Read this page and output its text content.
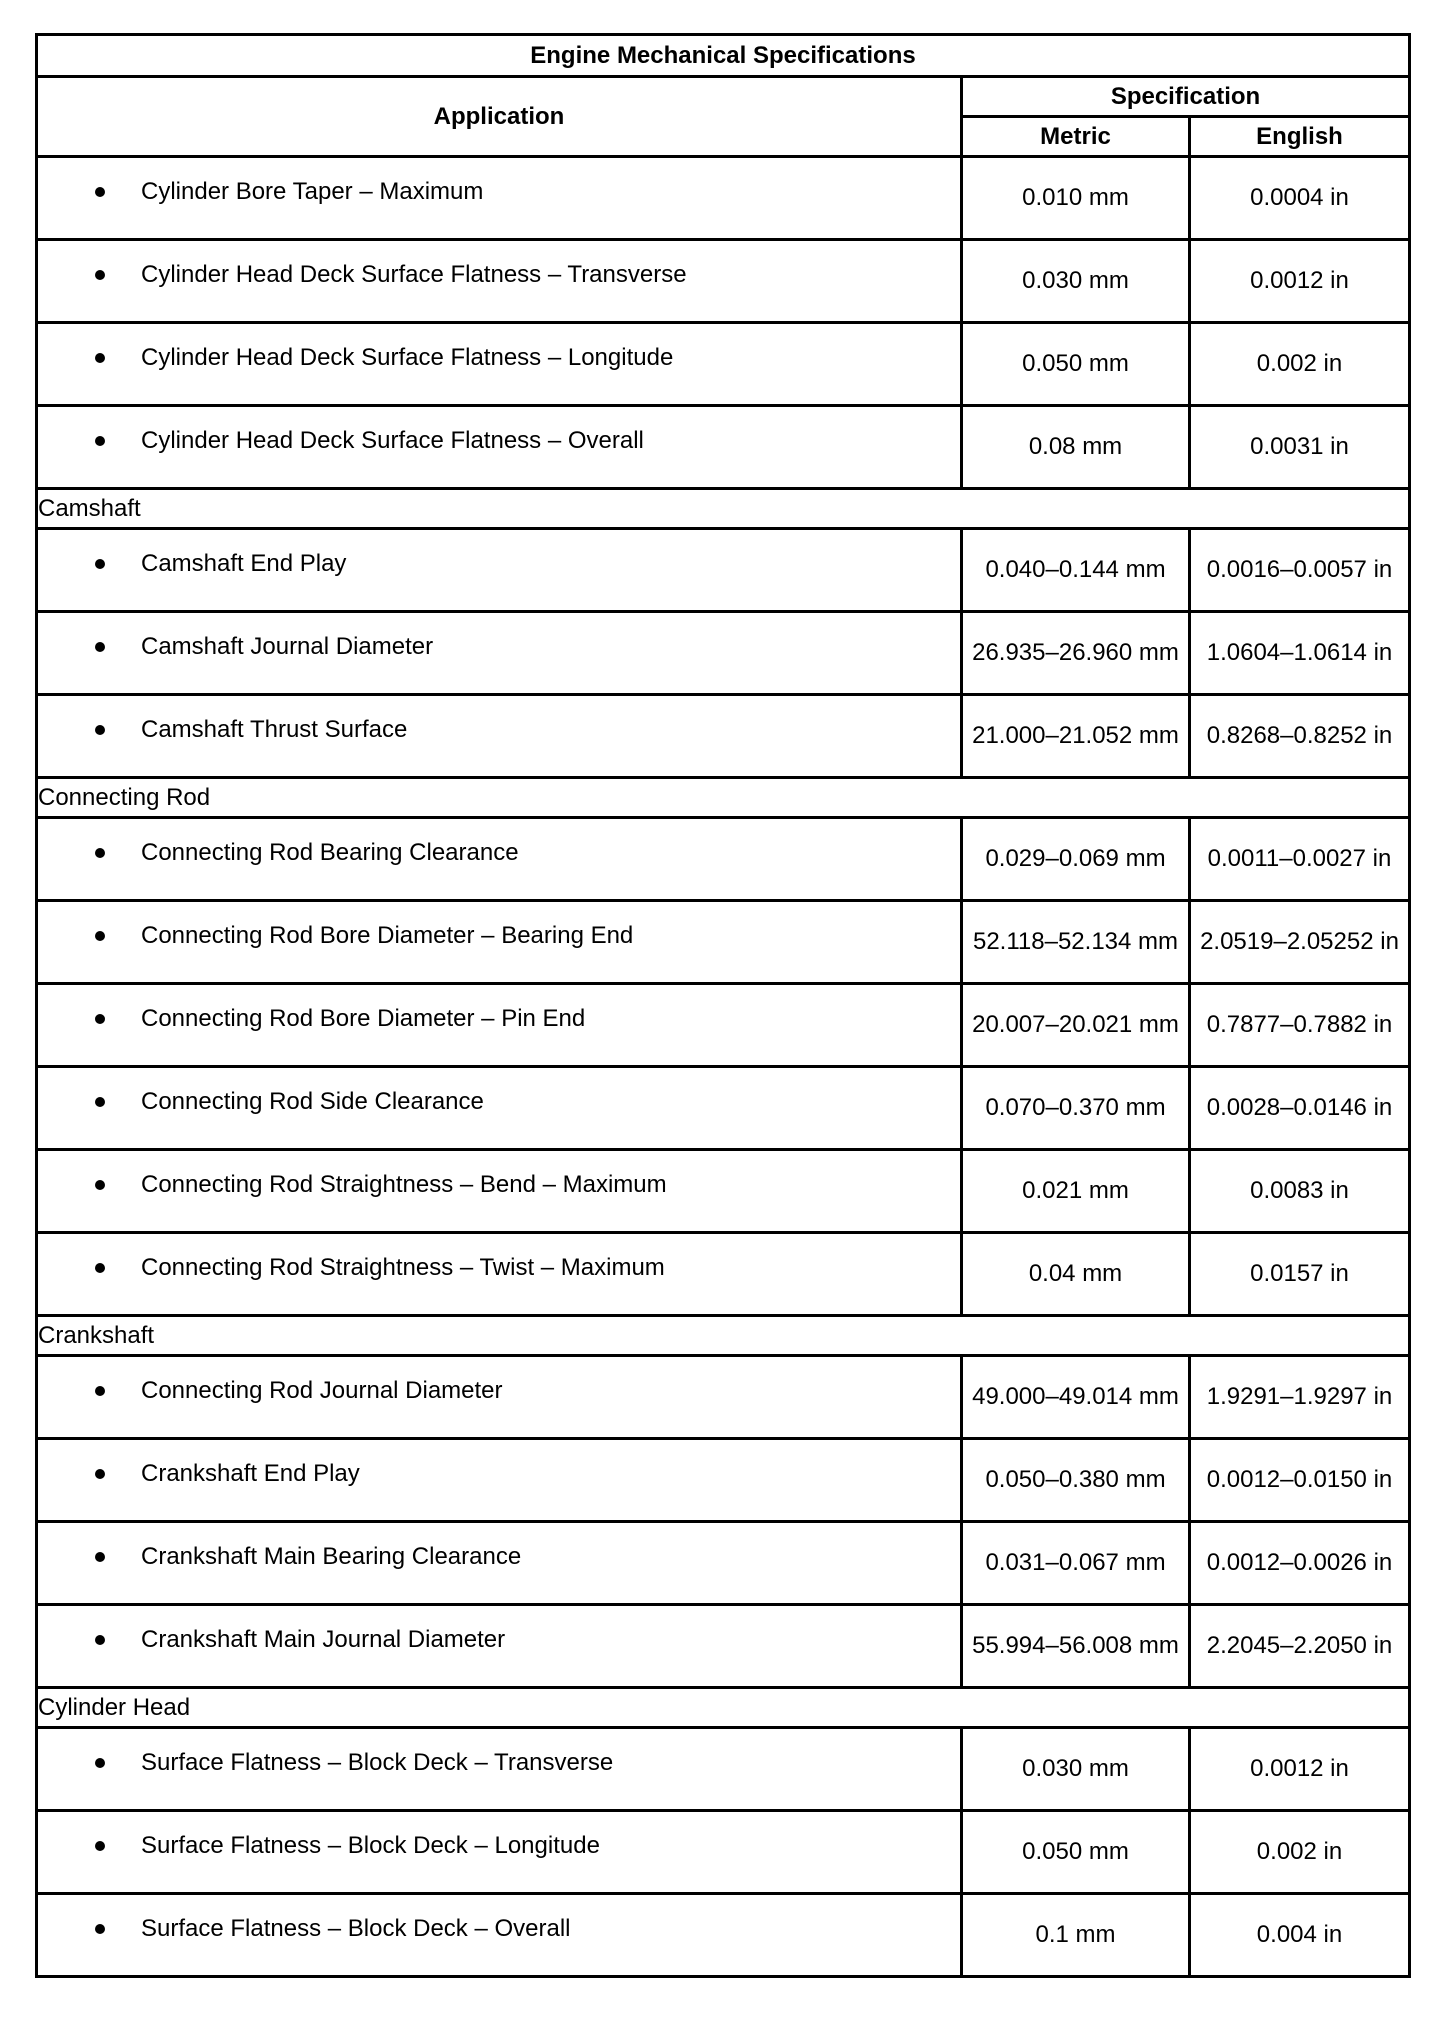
Engine Mechanical Specifications		
Application	Specification	
	Metric	English

Cylinder Bore Taper – Maximum	0.010 mm	0.0004 in

Cylinder Head Deck Surface Flatness – Transverse	0.030 mm	0.0012 in

Cylinder Head Deck Surface Flatness – Longitude	0.050 mm	0.002 in

Cylinder Head Deck Surface Flatness – Overall	0.08 mm	0.0031 in
Camshaft		

Camshaft End Play	0.040–0.144 mm	0.0016–0.0057 in

Camshaft Journal Diameter	26.935–26.960 mm	1.0604–1.0614 in

Camshaft Thrust Surface	21.000–21.052 mm	0.8268–0.8252 in
Connecting Rod		

Connecting Rod Bearing Clearance	0.029–0.069 mm	0.0011–0.0027 in

Connecting Rod Bore Diameter – Bearing End	52.118–52.134 mm	2.0519–2.05252 in

Connecting Rod Bore Diameter – Pin End	20.007–20.021 mm	0.7877–0.7882 in

Connecting Rod Side Clearance	0.070–0.370 mm	0.0028–0.0146 in

Connecting Rod Straightness – Bend – Maximum	0.021 mm	0.0083 in

Connecting Rod Straightness – Twist – Maximum	0.04 mm	0.0157 in
Crankshaft		

Connecting Rod Journal Diameter	49.000–49.014 mm	1.9291–1.9297 in

Crankshaft End Play	0.050–0.380 mm	0.0012–0.0150 in

Crankshaft Main Bearing Clearance	0.031–0.067 mm	0.0012–0.0026 in

Crankshaft Main Journal Diameter	55.994–56.008 mm	2.2045–2.2050 in
Cylinder Head		

Surface Flatness – Block Deck – Transverse	0.030 mm	0.0012 in

Surface Flatness – Block Deck – Longitude	0.050 mm	0.002 in

Surface Flatness – Block Deck – Overall	0.1 mm	0.004 in
